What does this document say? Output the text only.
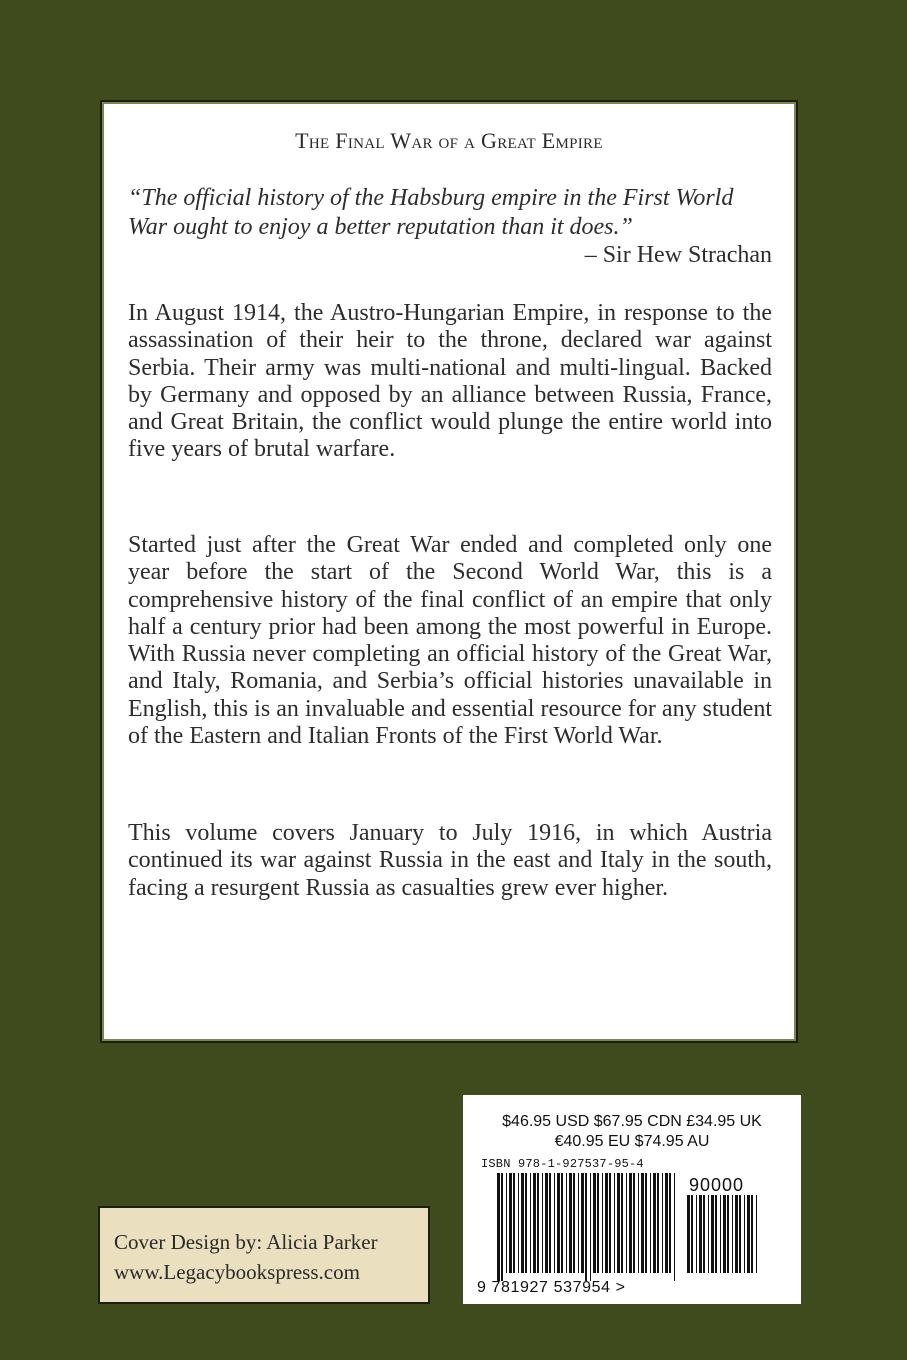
The Final War of a Great Empire
“The official history of the Habsburg empire in the First World War ought to enjoy a better reputation than it does.”
– Sir Hew Strachan

In August 1914, the Austro-Hungarian Empire, in response to the assassination of their heir to the throne, declared war against Serbia. Their army was multi-national and multi-lingual. Backed by Germany and opposed by an alliance between Russia, France, and Great Britain, the conflict would plunge the entire world into five years of brutal warfare.

Started just after the Great War ended and completed only one year before the start of the Second World War, this is a comprehensive history of the final conflict of an empire that only half a century prior had been among the most powerful in Europe. With Russia never completing an official history of the Great War, and Italy, Romania, and Serbia’s official histories unavailable in English, this is an invaluable and essential resource for any student of the Eastern and Italian Fronts of the First World War.

This volume covers January to July 1916, in which Austria continued its war against Russia in the east and Italy in the south, facing a resurgent Russia as casualties grew ever higher.

Cover Design by: Alicia Parker
www.Legacybookspress.com
$46.95 USD $67.95 CDN £34.95 UK
€40.95 EU $74.95 AU
ISBN 978-1-927537-95-4
90000
9 781927 537954 >
